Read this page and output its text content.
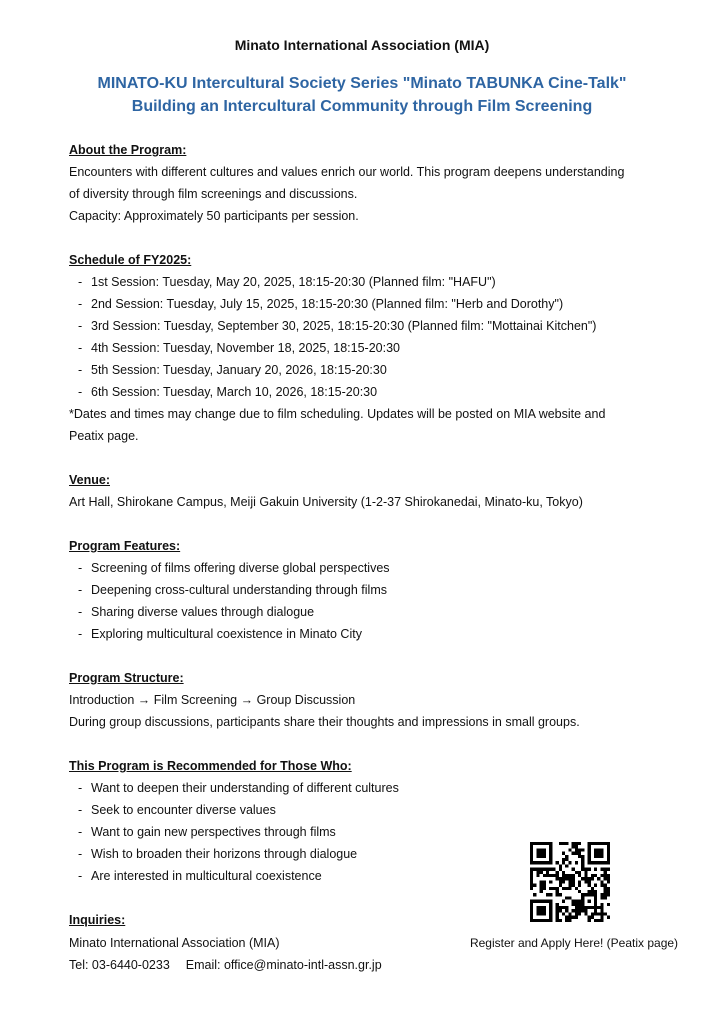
Minato International Association (MIA)
MINATO-KU Intercultural Society Series "Minato TABUNKA Cine-Talk"
Building an Intercultural Community through Film Screening
About the Program:
Encounters with different cultures and values enrich our world. This program deepens understanding
of diversity through film screenings and discussions.
Capacity: Approximately 50 participants per session.
Schedule of FY2025:
- 1st Session: Tuesday, May 20, 2025, 18:15-20:30 (Planned film: "HAFU")
- 2nd Session: Tuesday, July 15, 2025, 18:15-20:30 (Planned film: "Herb and Dorothy")
- 3rd Session: Tuesday, September 30, 2025, 18:15-20:30 (Planned film: "Mottainai Kitchen")
- 4th Session: Tuesday, November 18, 2025, 18:15-20:30
- 5th Session: Tuesday, January 20, 2026, 18:15-20:30
- 6th Session: Tuesday, March 10, 2026, 18:15-20:30
*Dates and times may change due to film scheduling. Updates will be posted on MIA website and
Peatix page.
Venue:
Art Hall, Shirokane Campus, Meiji Gakuin University (1-2-37 Shirokanedai, Minato-ku, Tokyo)
Program Features:
- Screening of films offering diverse global perspectives
- Deepening cross-cultural understanding through films
- Sharing diverse values through dialogue
- Exploring multicultural coexistence in Minato City
Program Structure:
Introduction → Film Screening → Group Discussion
During group discussions, participants share their thoughts and impressions in small groups.
This Program is Recommended for Those Who:
- Want to deepen their understanding of different cultures
- Seek to encounter diverse values
- Want to gain new perspectives through films
- Wish to broaden their horizons through dialogue
- Are interested in multicultural coexistence
Inquiries:
Minato International Association (MIA)
Tel: 03-6440-0233 Email: office@minato-intl-assn.gr.jp
Register and Apply Here! (Peatix page)
